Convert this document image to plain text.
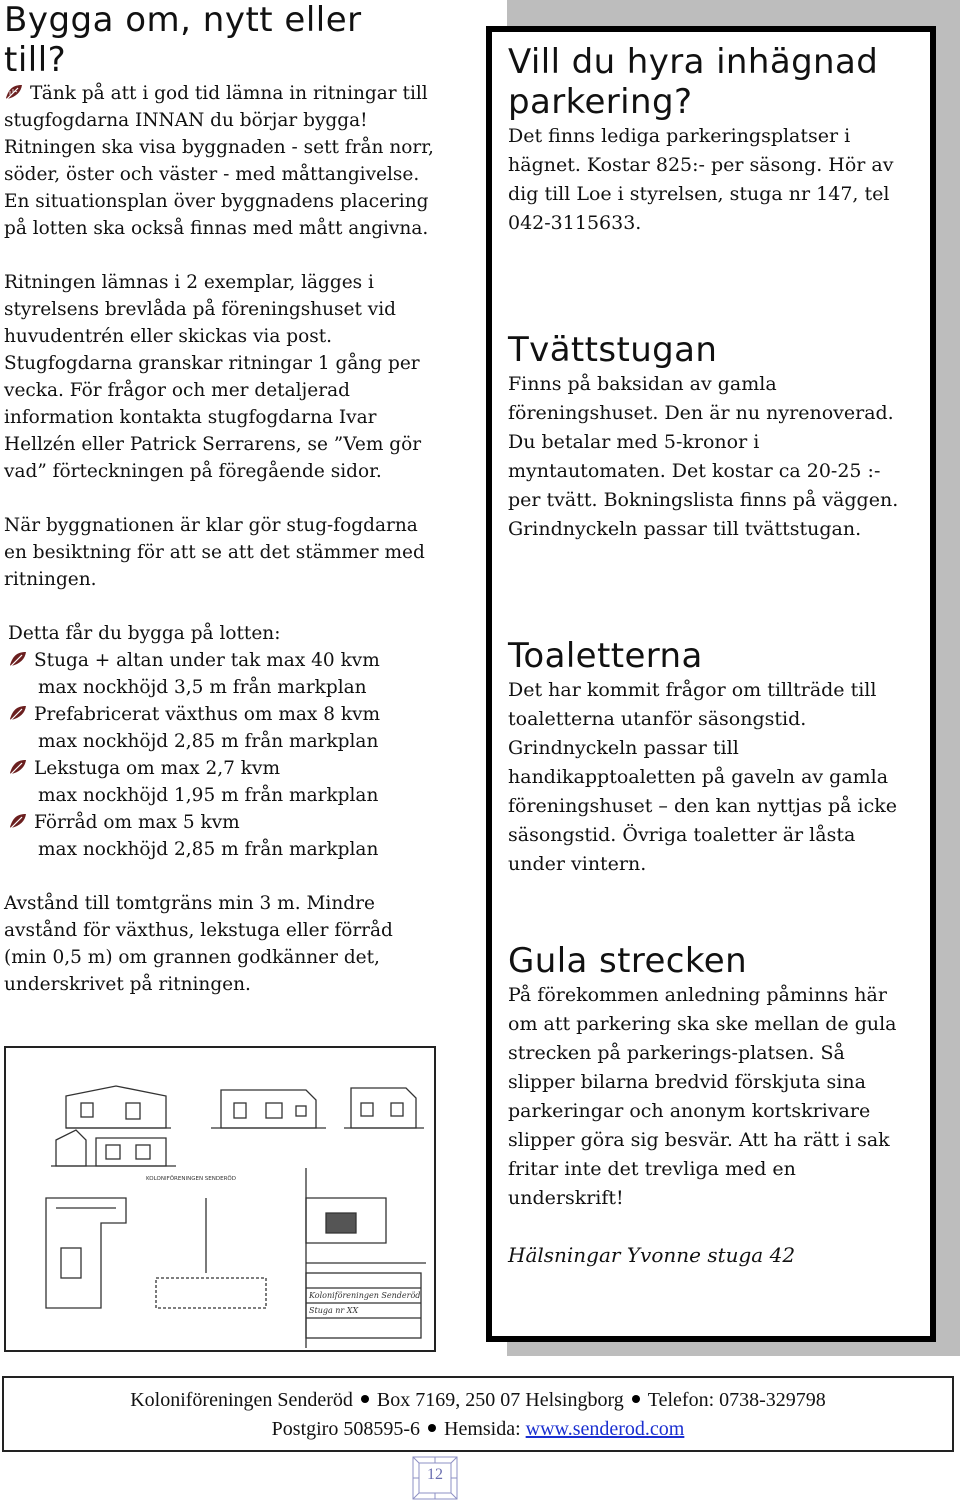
Bygga om, nytt eller till?

Tänk på att i god tid lämna in ritningar till stugfogdarna INNAN du börjar bygga! Ritningen ska visa byggnaden - sett från norr, söder, öster och väster - med måttangivelse. En situationsplan över byggnadens placering på lotten ska också finnas med mått angivna.

Ritningen lämnas i 2 exemplar, lägges i styrelsens brevlåda på föreningshuset vid huvudentrén eller skickas via post. Stugfogdarna granskar ritningar 1 gång per vecka. För frågor och mer detaljerad information kontakta stugfogdarna Ivar Hellzén eller Patrick Serrarens, se ”Vem gör vad” förteckningen på föregående sidor.

När byggnationen är klar gör stug-fogdarna en besiktning för att se att det stämmer med ritningen.

Detta får du bygga på lotten:

Stuga + altan under tak max 40 kvm
max nockhöjd 3,5 m från markplan
Prefabricerat växthus om max 8 kvm
max nockhöjd 2,85 m från markplan
Lekstuga om max 2,7 kvm
max nockhöjd 1,95 m från markplan
Förråd om max 5 kvm
max nockhöjd 2,85 m från markplan

Avstånd till tomtgräns min 3 m. Mindre avstånd för växthus, lekstuga eller förråd (min 0,5 m) om grannen godkänner det, underskrivet på ritningen.

KOLONIFÖRENINGEN SENDERÖD
Koloniföreningen Senderöd
Stuga nr XX
Vill du hyra inhägnad parkering?

Det finns lediga parkeringsplatser i hägnet. Kostar 825:- per säsong. Hör av dig till Loe i styrelsen, stuga nr 147, tel 042-3115633.

Tvättstugan

Finns på baksidan av gamla föreningshuset. Den är nu nyrenoverad. Du betalar med 5-kronor i myntautomaten. Det kostar ca 20-25 :- per tvätt. Bokningslista finns på väggen. Grindnyckeln passar till tvättstugan.

Toaletterna

Det har kommit frågor om tillträde till toaletterna utanför säsongstid. Grindnyckeln passar till handikapptoaletten på gaveln av gamla föreningshuset – den kan nyttjas på icke säsongstid. Övriga toaletter är låsta under vintern.

Gula strecken

På förekommen anledning påminns här om att parkering ska ske mellan de gula strecken på parkerings-platsen. Så slipper bilarna bredvid förskjuta sina parkeringar och anonym kortskrivare slipper göra sig besvär. Att ha rätt i sak fritar inte det trevliga med en underskrift!

Hälsningar Yvonne stuga 42

Koloniföreningen Senderöd Box 7169, 250 07 Helsingborg Telefon: 0738-329798
Postgiro 508595-6 Hemsida: www.senderod.com
12
